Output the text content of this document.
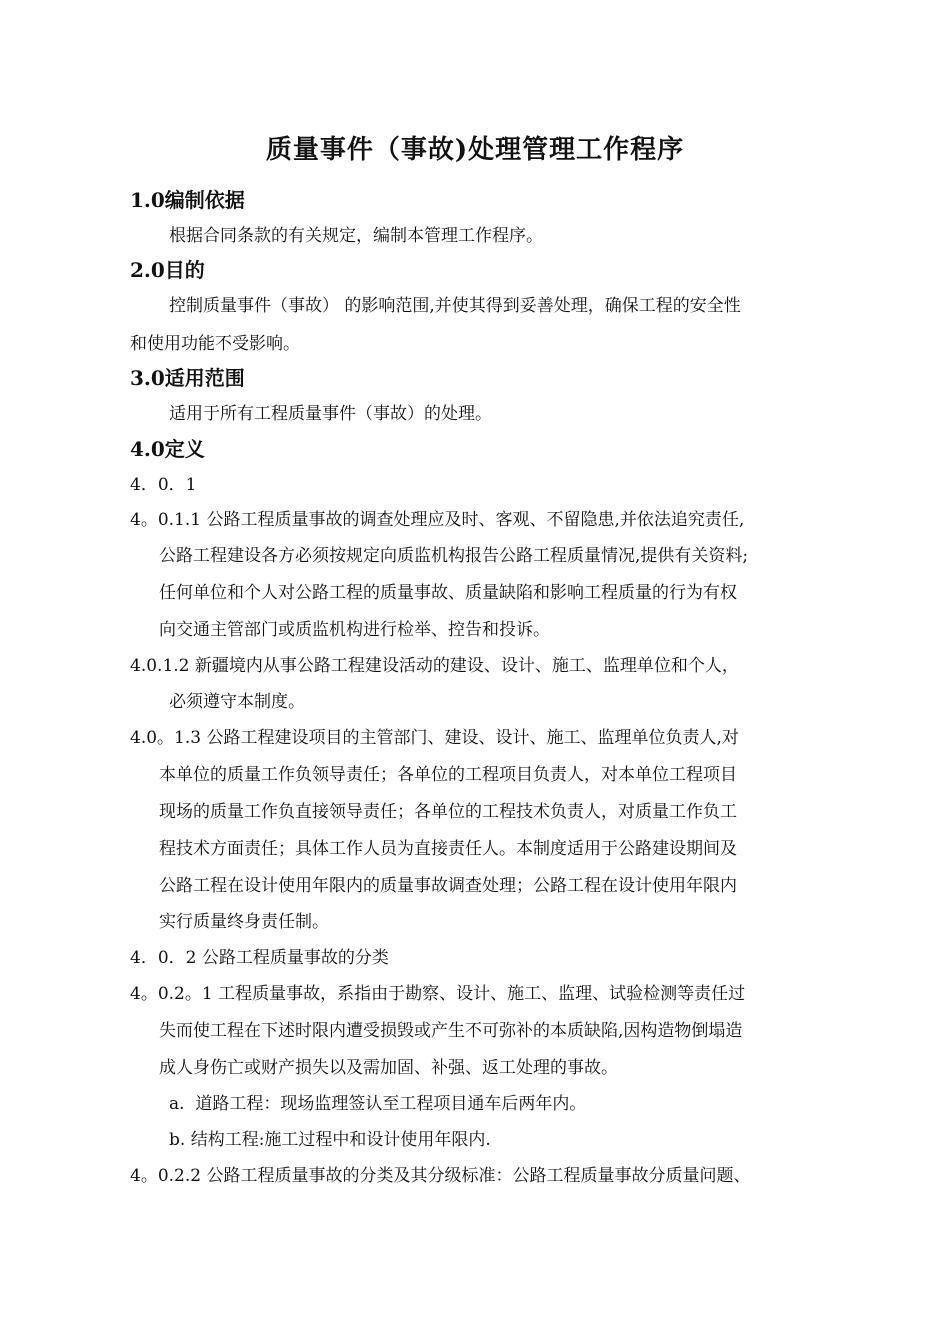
质量事件（事故)处理管理工作程序
1.0编制依据
根据合同条款的有关规定，编制本管理工作程序。
2.0目的
控制质量事件（事故） 的影响范围,并使其得到妥善处理，确保工程的安全性
和使用功能不受影响。
3.0适用范围
适用于所有工程质量事件（事故）的处理。
4.0定义
4．0．1
4。0.1.1 公路工程质量事故的调查处理应及时、客观、不留隐患,并依法追究责任,
公路工程建设各方必须按规定向质监机构报告公路工程质量情况,提供有关资料;
任何单位和个人对公路工程的质量事故、质量缺陷和影响工程质量的行为有权
向交通主管部门或质监机构进行检举、控告和投诉。
4.0.1.2 新疆境内从事公路工程建设活动的建设、设计、施工、监理单位和个人，
必须遵守本制度。
4.0。1.3 公路工程建设项目的主管部门、建设、设计、施工、监理单位负责人,对
本单位的质量工作负领导责任；各单位的工程项目负责人，对本单位工程项目
现场的质量工作负直接领导责任；各单位的工程技术负责人，对质量工作负工
程技术方面责任；具体工作人员为直接责任人。本制度适用于公路建设期间及
公路工程在设计使用年限内的质量事故调查处理；公路工程在设计使用年限内
实行质量终身责任制。
4．0．2 公路工程质量事故的分类
4。0.2。1 工程质量事故，系指由于勘察、设计、施工、监理、试验检测等责任过
失而使工程在下述时限内遭受损毁或产生不可弥补的本质缺陷,因构造物倒塌造
成人身伤亡或财产损失以及需加固、补强、返工处理的事故。
a.  道路工程：现场监理签认至工程项目通车后两年内。
b. 结构工程:施工过程中和设计使用年限内.
4。0.2.2 公路工程质量事故的分类及其分级标准：公路工程质量事故分质量问题、
